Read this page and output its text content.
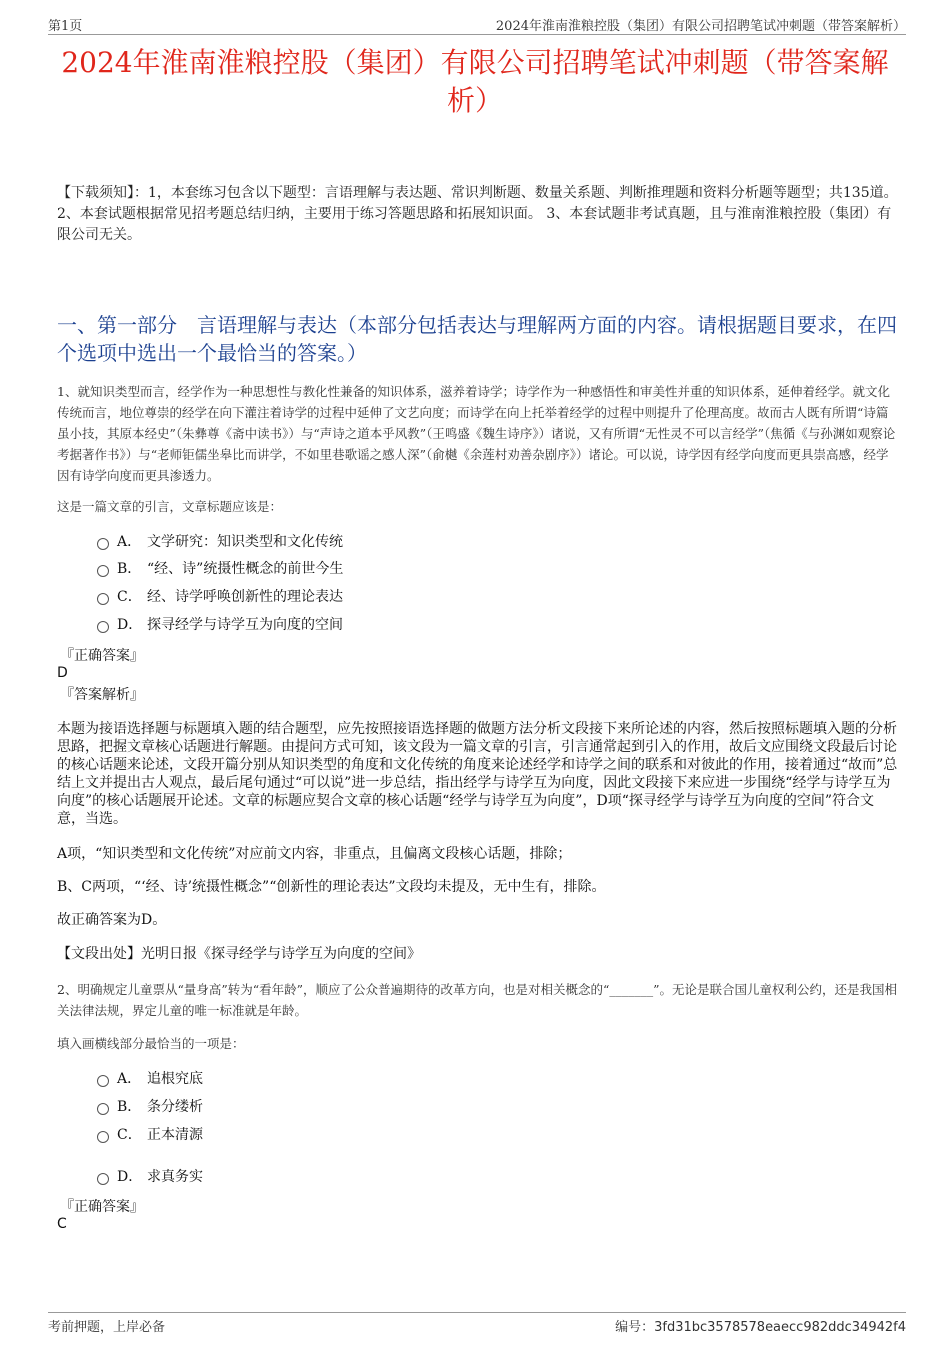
第1页	2024年淮南淮粮控股（集团）有限公司招聘笔试冲刺题（带答案解析）
2024年淮南淮粮控股（集团）有限公司招聘笔试冲刺题（带答案解析）
【下载须知】：1，本套练习包含以下题型：言语理解与表达题、常识判断题、数量关系题、判断推理题和资料分析题等题型；共135道。 2、本套试题根据常见招考题总结归纳，主要用于练习答题思路和拓展知识面。 3、本套试题非考试真题，且与淮南淮粮控股（集团）有限公司无关。
一、第一部分　言语理解与表达（本部分包括表达与理解两方面的内容。请根据题目要求，在四个选项中选出一个最恰当的答案。）
1、就知识类型而言，经学作为一种思想性与教化性兼备的知识体系，滋养着诗学；诗学作为一种感悟性和审美性并重的知识体系，延伸着经学。就文化传统而言，地位尊崇的经学在向下灌注着诗学的过程中延伸了文艺向度；而诗学在向上托举着经学的过程中则提升了伦理高度。故而古人既有所谓“诗篇虽小技，其原本经史”（朱彝尊《斋中读书》）与“声诗之道本乎风教”（王鸣盛《魏生诗序》）诸说，又有所谓“无性灵不可以言经学”（焦循《与孙渊如观察论考据著作书》）与“老师钜儒坐皋比而讲学，不如里巷歌谣之感人深”（俞樾《余莲村劝善杂剧序》）诸论。可以说，诗学因有经学向度而更具崇高感，经学因有诗学向度而更具渗透力。
这是一篇文章的引言，文章标题应该是：
A． 文学研究：知识类型和文化传统
B． “经、诗”统摄性概念的前世今生
C． 经、诗学呼唤创新性的理论表达
D． 探寻经学与诗学互为向度的空间
『正确答案』
D
『答案解析』
本题为接语选择题与标题填入题的结合题型，应先按照接语选择题的做题方法分析文段接下来所论述的内容，然后按照标题填入题的分析思路，把握文章核心话题进行解题。由提问方式可知，该文段为一篇文章的引言，引言通常起到引入的作用，故后文应围绕文段最后讨论的核心话题来论述，文段开篇分别从知识类型的角度和文化传统的角度来论述经学和诗学之间的联系和对彼此的作用，接着通过“故而”总结上文并提出古人观点，最后尾句通过“可以说”进一步总结，指出经学与诗学互为向度，因此文段接下来应进一步围绕“经学与诗学互为向度”的核心话题展开论述。文章的标题应契合文章的核心话题“经学与诗学互为向度”，D项“探寻经学与诗学互为向度的空间”符合文意，当选。
A项，“知识类型和文化传统”对应前文内容，非重点，且偏离文段核心话题，排除；
B、C两项，“‘经、诗’统摄性概念”“创新性的理论表达”文段均未提及，无中生有，排除。
故正确答案为D。
【文段出处】光明日报《探寻经学与诗学互为向度的空间》
2、明确规定儿童票从“量身高”转为“看年龄”，顺应了公众普遍期待的改革方向，也是对相关概念的“_______”。无论是联合国儿童权利公约，还是我国相关法律法规，界定儿童的唯一标准就是年龄。
填入画横线部分最恰当的一项是：
A． 追根究底
B． 条分缕析
C． 正本清源
D． 求真务实
『正确答案』
C
考前押题，上岸必备	编号：3fd31bc3578578eaecc982ddc34942f4
